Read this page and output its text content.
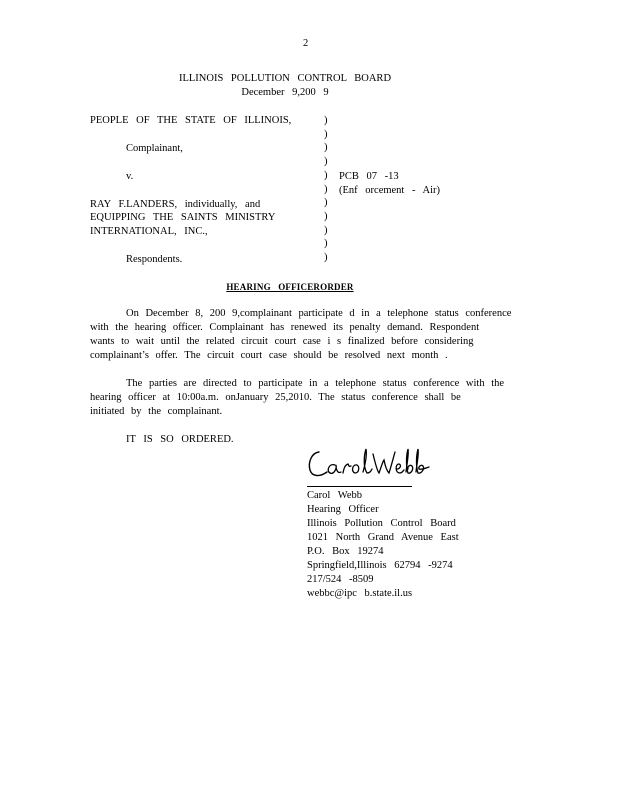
2
ILLINOIS POLLUTION CONTROL BOARD
December 9,200 9
PEOPLE OF THE STATE OF ILLINOIS,
Complainant,
v.
RAY F.LANDERS, individually, and
EQUIPPING THE SAINTS MINISTRY
INTERNATIONAL, INC.,
Respondents.
)
)
)
)
)
)
)
)
)
)
)
PCB 07 -13
(Enf orcement - Air)
HEARING OFFICERORDER
On December 8, 200 9,complainant participate d in a telephone status conference
with the hearing officer. Complainant has renewed its penalty demand. Respondent
wants to wait until the related circuit court case i s finalized before considering
complainant’s offer. The circuit court case should be resolved next month .
The parties are directed to participate in a telephone status conference with the
hearing officer at 10:00a.m. onJanuary 25,2010. The status conference shall be
initiated by the complainant.
IT IS SO ORDERED.
Carol Webb
Hearing Officer
Illinois Pollution Control Board
1021 North Grand Avenue East
P.O. Box 19274
Springfield,Illinois 62794 -9274
217/524 -8509
webbc@ipc b.state.il.us
